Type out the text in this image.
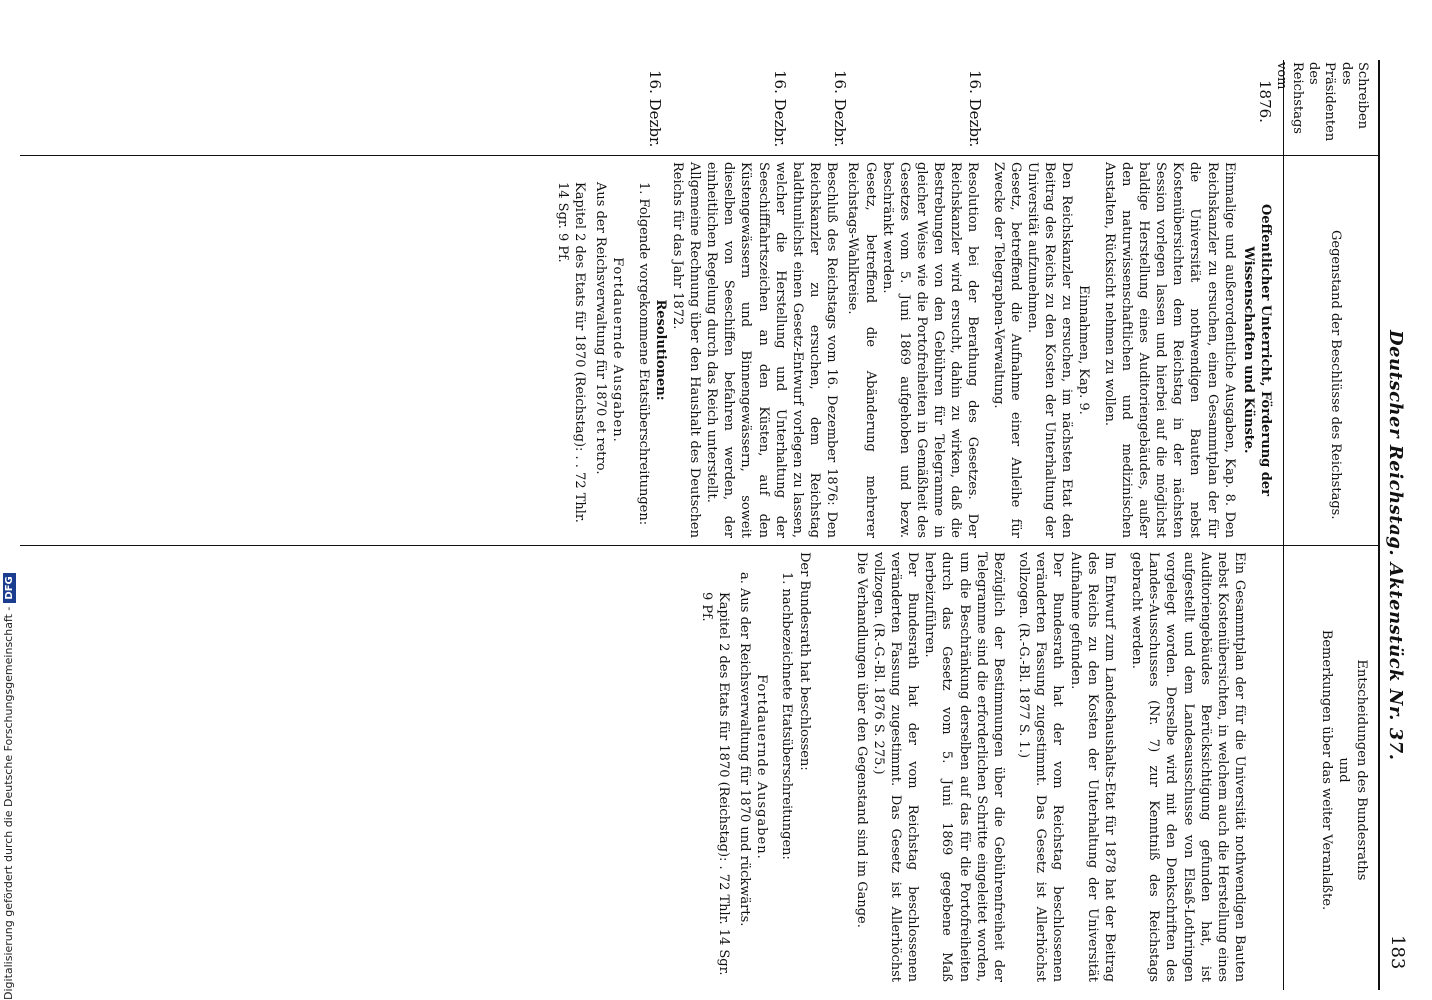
Deutscher Reichstag. Aktenstück Nr. 37.
183
Schreiben des Präsidenten des Reichstags vom
Gegenstand der Beschlüsse des Reichstags.
Entscheidungen des Bundesraths
und
Bemerkungen über das weiter Veranlaßte.
1876.
16. Dezbr.
16. Dezbr.
16. Dezbr.
16. Dezbr.
Oeffentlicher Unterricht, Förderung der Wissenschaften und Künste.
Einmalige und außerordentliche Ausgaben, Kap. 8. Den Reichskanzler zu ersuchen, einen Gesammtplan der für die Universität nothwendigen Bauten nebst Kostenübersichten dem Reichstag in der nächsten Session vorlegen lassen und hierbei auf die möglichst baldige Herstellung eines Auditoriengebäudes, außer den naturwissenschaftlichen und medizinischen Anstalten, Rücksicht nehmen zu wollen.
Einnahmen, Kap. 9.
Den Reichskanzler zu ersuchen, im nächsten Etat den Beitrag des Reichs zu den Kosten der Unterhaltung der Universität aufzunehmen.
Gesetz, betreffend die Aufnahme einer Anleihe für Zwecke der Telegraphen-Verwaltung.
Resolution bei der Berathung des Gesetzes. Der Reichskanzler wird ersucht, dahin zu wirken, daß die Bestrebungen von den Gebühren für Telegramme in gleicher Weise wie die Portofreiheiten in Gemäßheit des Gesetzes vom 5. Juni 1869 aufgehoben und bezw. beschränkt werden.
Gesetz, betreffend die Abänderung mehrerer Reichstags-Wahlkreise.
Beschluß des Reichstags vom 16. Dezember 1876: Den Reichskanzler zu ersuchen, dem Reichstag baldthunlichst einen Gesetz-Entwurf vorlegen zu lassen, welcher die Herstellung und Unterhaltung der Seeschifffahrtszeichen an den Küsten, auf den Küstengewässern und Binnengewässern, soweit dieselben von Seeschiffen befahren werden, der einheitlichen Regelung durch das Reich unterstellt.
Allgemeine Rechnung über den Haushalt des Deutschen Reichs für das Jahr 1872.
Resolutionen:
1. Folgende vorgekommene Etatsüberschreitungen:
Fortdauernde Ausgaben.
Aus der Reichsverwaltung für 1870 et retro.
Kapitel 2 des Etats für 1870 (Reichstag): . . 72 Thlr. 14 Sgr. 9 Pf.
Ein Gesammtplan der für die Universität nothwendigen Bauten nebst Kostenübersichten, in welchem auch die Herstellung eines Auditoriengebäudes Berücksichtigung gefunden hat, ist aufgestellt und dem Landesausschusse von Elsaß-Lothringen vorgelegt worden. Derselbe wird mit den Denkschriften des Landes-Ausschusses (Nr. 7) zur Kenntniß des Reichstags gebracht werden.
Im Entwurf zum Landeshaushalts-Etat für 1878 hat der Beitrag des Reichs zu den Kosten der Unterhaltung der Universität Aufnahme gefunden.
Der Bundesrath hat der vom Reichstag beschlossenen veränderten Fassung zugestimmt. Das Gesetz ist Allerhöchst vollzogen. (R.-G.-Bl. 1877 S. 1.)
Bezüglich der Bestimmungen über die Gebührenfreiheit der Telegramme sind die erforderlichen Schritte eingeleitet worden, um die Beschränkung derselben auf das für die Portofreiheiten durch das Gesetz vom 5. Juni 1869 gegebene Maß herbeizuführen.
Der Bundesrath hat der vom Reichstag beschlossenen veränderten Fassung zugestimmt. Das Gesetz ist Allerhöchst vollzogen. (R.-G.-Bl. 1876 S. 275.)
Die Verhandlungen über den Gegenstand sind im Gange.
Der Bundesrath hat beschlossen:
1. nachbezeichnete Etatsüberschreitungen:
Fortdauernde Ausgaben.
a. Aus der Reichsverwaltung für 1870 und rückwärts.
Kapitel 2 des Etats für 1870 (Reichstag): . 72 Thlr. 14 Sgr. 9 Pf.
Digitalisierung gefördert durch die Deutsche Forschungsgemeinschaft -DFG
